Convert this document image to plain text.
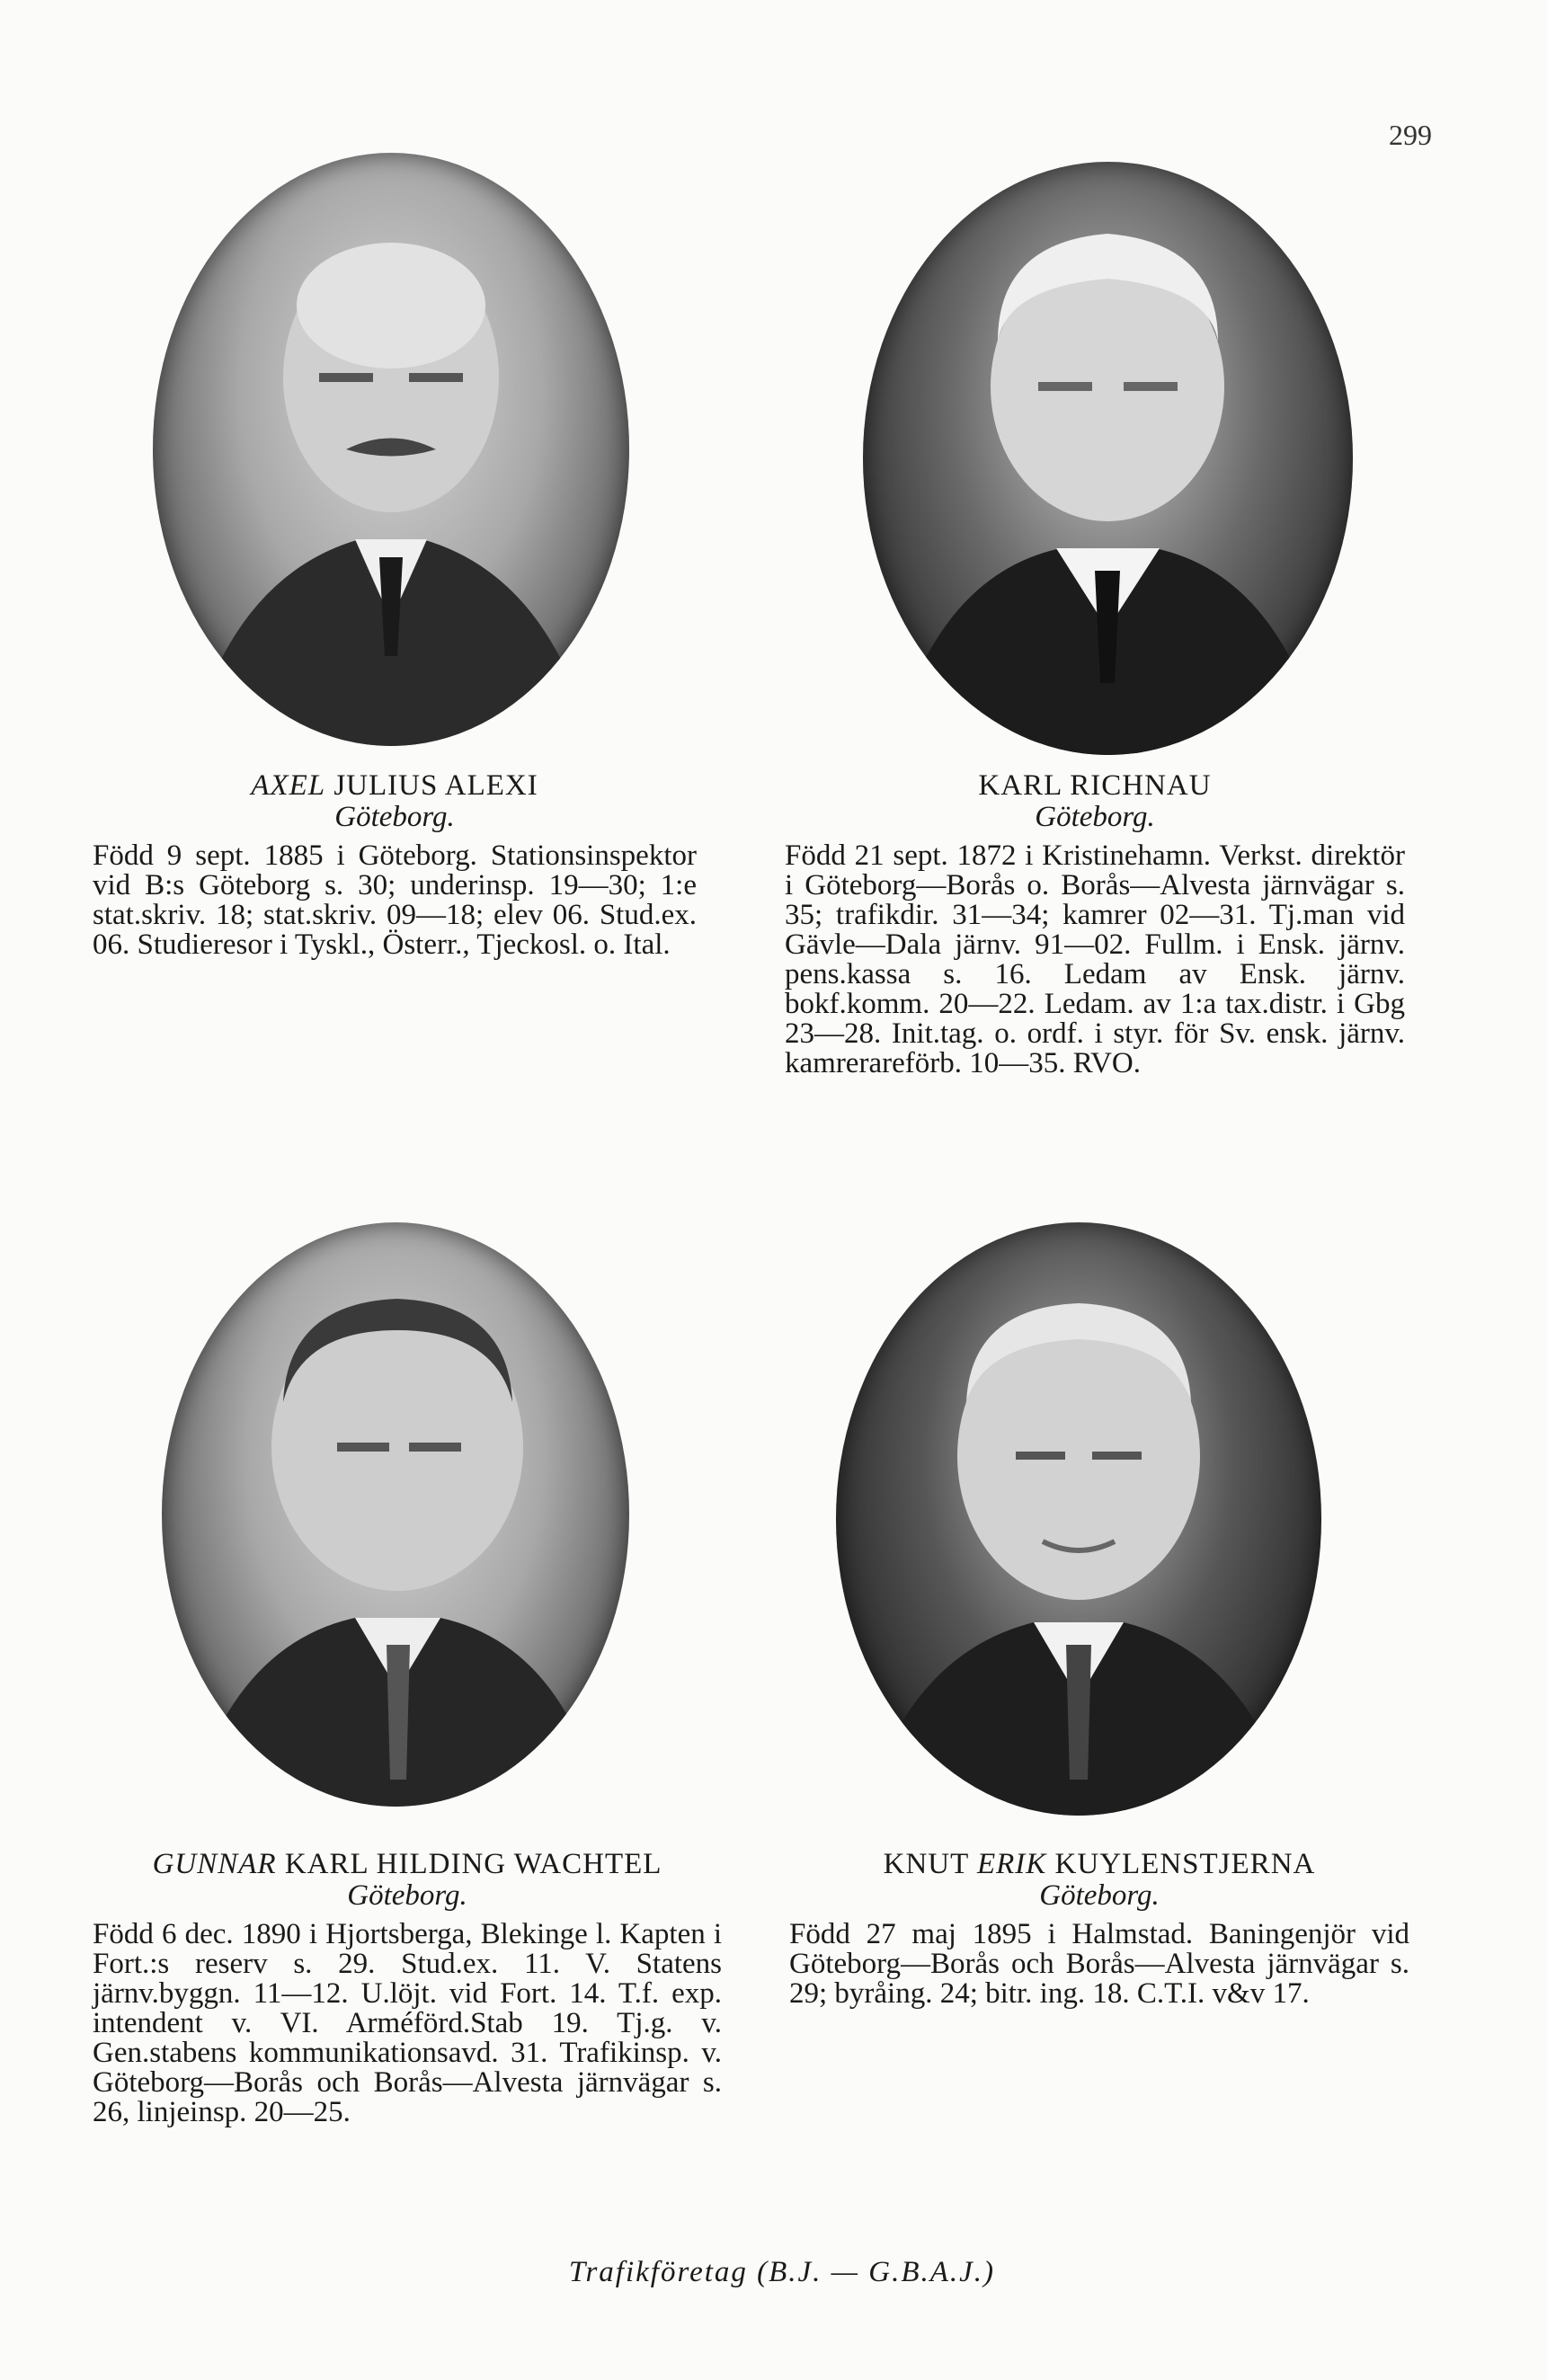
299
AXEL JULIUS ALEXI
Göteborg.
Född 9 sept. 1885 i Göteborg. Stationsinspektor vid B:s Göteborg s. 30; underinsp. 19—30; 1:e stat.skriv. 18; stat.skriv. 09—18; elev 06. Stud.ex. 06. Studieresor i Tyskl., Österr., Tjeckosl. o. Ital.
KARL RICHNAU
Göteborg.
Född 21 sept. 1872 i Kristinehamn. Verkst. direktör i Göteborg—Borås o. Borås—Alvesta järnvägar s. 35; trafikdir. 31—34; kamrer 02—31. Tj.man vid Gävle—Dala järnv. 91—02. Fullm. i Ensk. järnv. pens.kassa s. 16. Ledam av Ensk. järnv. bokf.komm. 20—22. Ledam. av 1:a tax.distr. i Gbg 23—28. Init.tag. o. ordf. i styr. för Sv. ensk. järnv. kamrerareförb. 10—35. RVO.
GUNNAR KARL HILDING WACHTEL
Göteborg.
Född 6 dec. 1890 i Hjortsberga, Blekinge l. Kapten i Fort.:s reserv s. 29. Stud.ex. 11. V. Statens järnv.byggn. 11—12. U.löjt. vid Fort. 14. T.f. exp. intendent v. VI. Arméförd.Stab 19. Tj.g. v. Gen.stabens kommunikationsavd. 31. Trafikinsp. v. Göteborg—Borås och Borås—Alvesta järnvägar s. 26, linjeinsp. 20—25.
KNUT ERIK KUYLENSTJERNA
Göteborg.
Född 27 maj 1895 i Halmstad. Baningenjör vid Göteborg—Borås och Borås—Alvesta järnvägar s. 29; byråing. 24; bitr. ing. 18. C.T.I. v&v 17.
Trafikföretag (B.J. — G.B.A.J.)
